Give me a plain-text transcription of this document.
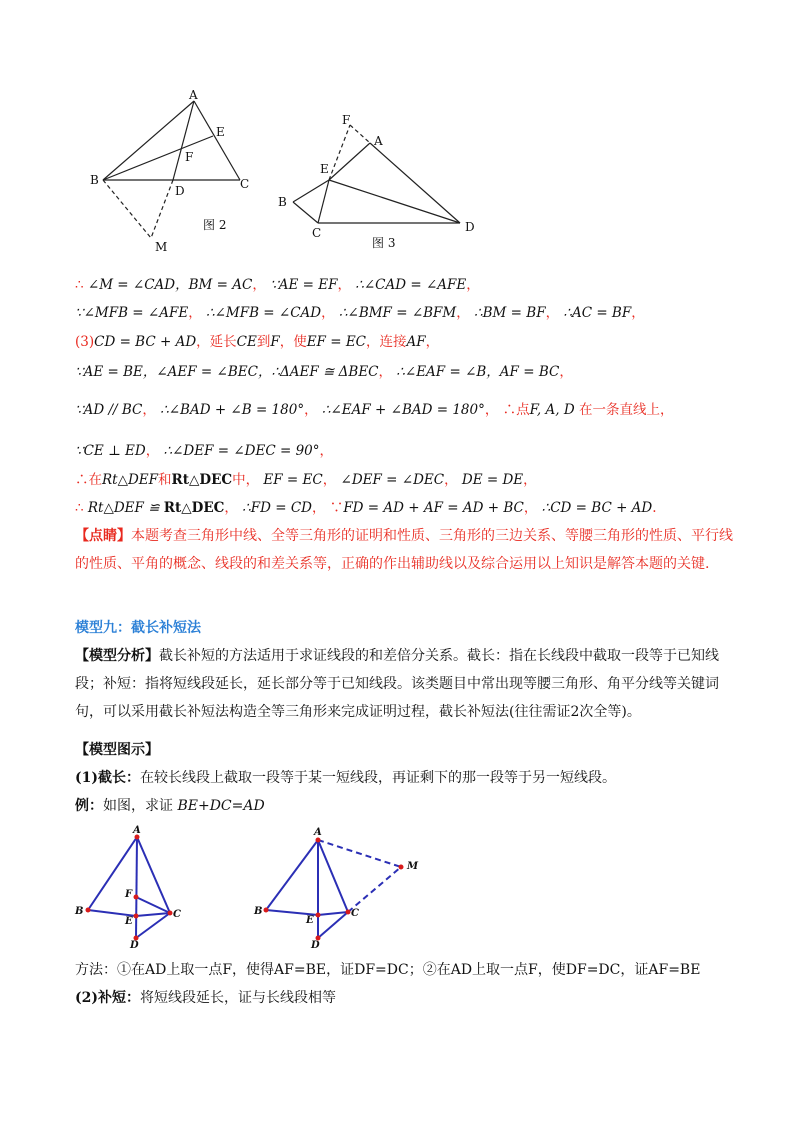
A
E
F
B
D	C
M
图 2
F
A
E
B
C	D
图 3
∴ ∠M = ∠CAD，BM = AC， ∵AE = EF， ∴∠CAD = ∠AFE，
∵∠MFB = ∠AFE， ∴∠MFB = ∠CAD， ∴∠BMF = ∠BFM， ∴BM = BF， ∴AC = BF，
(3)CD = BC + AD，延长CE到F，使EF = EC，连接AF，
∵AE = BE，∠AEF = ∠BEC，∴ΔAEF ≅ ΔBEC， ∴∠EAF = ∠B，AF = BC，
∵AD // BC， ∴∠BAD + ∠B = 180°， ∴∠EAF + ∠BAD = 180°， ∴点F, A, D 在一条直线上，
∵CE ⊥ ED， ∴∠DEF = ∠DEC = 90°，
∴在Rt△DEF和Rt△DEC中， EF = EC， ∠DEF = ∠DEC， DE = DE，
∴ Rt△DEF ≌ Rt△DEC， ∴FD = CD， ∵FD = AD + AF = AD + BC， ∴CD = BC + AD.
【点睛】本题考查三角形中线、全等三角形的证明和性质、三角形的三边关系、等腰三角形的性质、平行线的性质、平角的概念、线段的和差关系等，正确的作出辅助线以及综合运用以上知识是解答本题的关键.
模型九：截长补短法
【模型分析】截长补短的方法适用于求证线段的和差倍分关系。截长：指在长线段中截取一段等于已知线段；补短：指将短线段延长，延长部分等于已知线段。该类题目中常出现等腰三角形、角平分线等关键词句，可以采用截长补短法构造全等三角形来完成证明过程，截长补短法(往往需证2次全等)。
【模型图示】
(1)截长：在较长线段上截取一段等于某一短线段，再证剩下的那一段等于另一短线段。
例：如图，求证 BE+DC=AD
A
F
B
E
C
D
A
M
B
E
C
D
方法：①在AD上取一点F，使得AF=BE，证DF=DC；②在AD上取一点F，使DF=DC，证AF=BE
(2)补短：将短线段延长，证与长线段相等
